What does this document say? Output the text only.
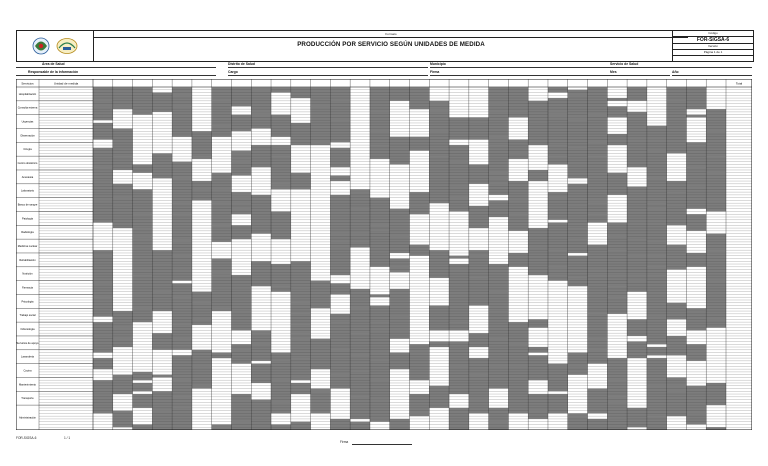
Formato
PRODUCCIÓN POR SERVICIO SEGÚN UNIDADES DE MEDIDA
Código
FOR-SIGSA-6
Versión
Página 1 de 1
Área de Salud	Distrito de Salud	Municipio	Servicio de Salud
Responsable de la información	Cargo	Firma	Mes	Año
Servicios	Unidad de medida	Total
Hospitalización
Consulta externa
Urgencias
Observación
Cirugía
Centro obstétrico
Anestesia
Laboratorio
Banco de sangre
Patología
Radiología
Medicina nuclear
Rehabilitación
Nutrición
Farmacia
Psicología
Trabajo social
Odontología
Servicios de apoyo
Lavandería
Cocina
Mantenimiento
Transporte
Administración
FOR-SIGSA-6	1 / 1
Firma
